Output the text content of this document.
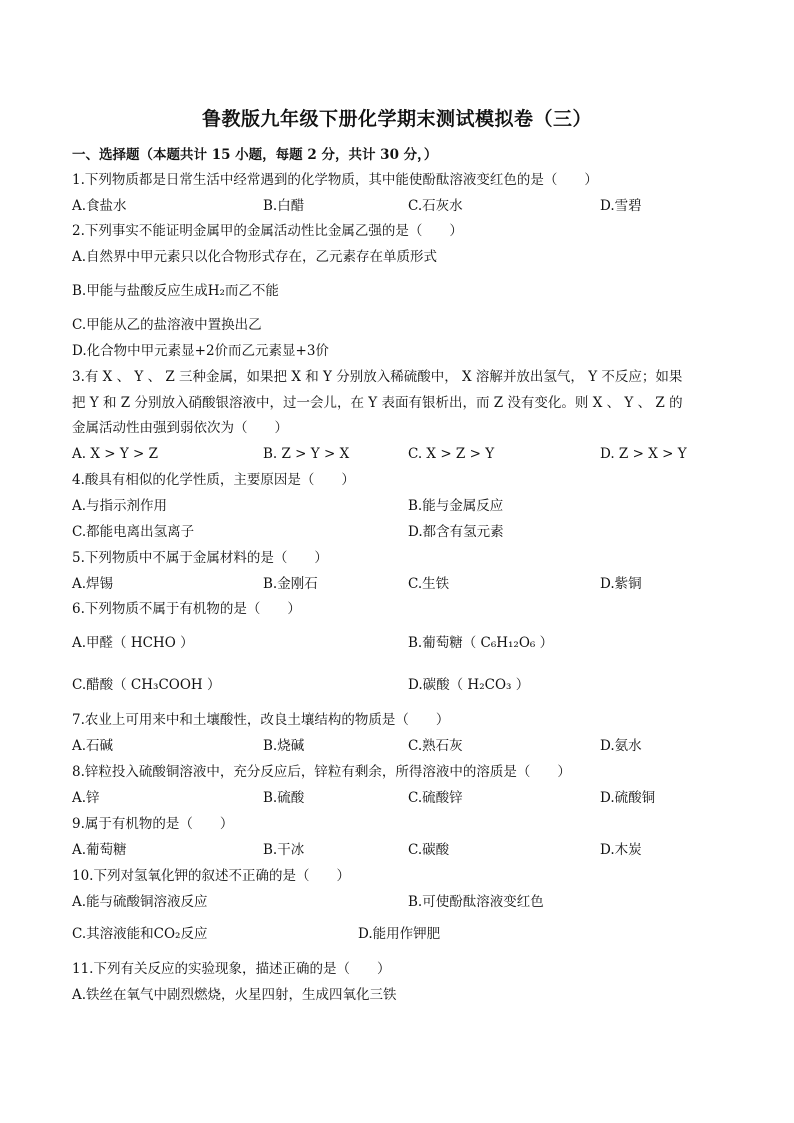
鲁教版九年级下册化学期末测试模拟卷（三）
一、选择题（本题共计 15 小题，每题 2 分，共计 30 分，）
1.下列物质都是日常生活中经常遇到的化学物质，其中能使酚酞溶液变红色的是（　　）
A.食盐水	B.白醋	C.石灰水	D.雪碧
2.下列事实不能证明金属甲的金属活动性比金属乙强的是（　　）
A.自然界中甲元素只以化合物形式存在，乙元素存在单质形式
B.甲能与盐酸反应生成H₂而乙不能
C.甲能从乙的盐溶液中置换出乙
D.化合物中甲元素显+2价而乙元素显+3价
3.有 X 、 Y 、 Z 三种金属，如果把 X 和 Y 分别放入稀硫酸中， X 溶解并放出氢气， Y 不反应；如果
把 Y 和 Z 分别放入硝酸银溶液中，过一会儿，在 Y 表面有银析出，而 Z 没有变化。则 X 、 Y 、 Z 的
金属活动性由强到弱依次为（　　）
A. X > Y > Z	B. Z > Y > X	C. X > Z > Y	D. Z > X > Y
4.酸具有相似的化学性质，主要原因是（　　）
A.与指示剂作用	B.能与金属反应
C.都能电离出氢离子	D.都含有氢元素
5.下列物质中不属于金属材料的是（　　）
A.焊锡	B.金刚石	C.生铁	D.紫铜
6.下列物质不属于有机物的是（　　）
A.甲醛（ HCHO ）	B.葡萄糖（ C₆H₁₂O₆ ）
C.醋酸（ CH₃COOH ）	D.碳酸（ H₂CO₃ ）
7.农业上可用来中和土壤酸性，改良土壤结构的物质是（　　）
A.石碱	B.烧碱	C.熟石灰	D.氨水
8.锌粒投入硫酸铜溶液中，充分反应后，锌粒有剩余，所得溶液中的溶质是（　　）
A.锌	B.硫酸	C.硫酸锌	D.硫酸铜
9.属于有机物的是（　　）
A.葡萄糖	B.干冰	C.碳酸	D.木炭
10.下列对氢氧化钾的叙述不正确的是（　　）
A.能与硫酸铜溶液反应	B.可使酚酞溶液变红色
C.其溶液能和CO₂反应	D.能用作钾肥
11.下列有关反应的实验现象，描述正确的是（　　）
A.铁丝在氧气中剧烈燃烧，火星四射，生成四氧化三铁
